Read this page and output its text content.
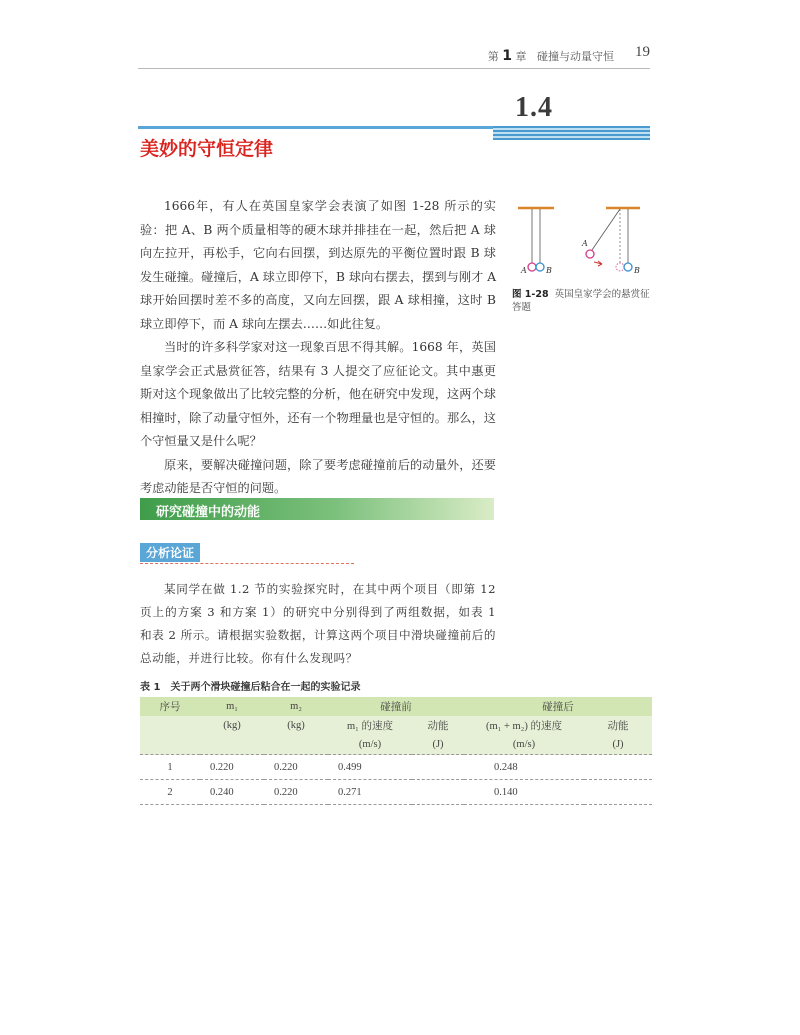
第 1 章 碰撞与动量守恒 19
1.4
美妙的守恒定律

1666年，有人在英国皇家学会表演了如图 1-28 所示的实验：把 A、B 两个质量相等的硬木球并排挂在一起，然后把 A 球向左拉开，再松手，它向右回摆，到达原先的平衡位置时跟 B 球发生碰撞。碰撞后，A 球立即停下，B 球向右摆去，摆到与刚才 A 球开始回摆时差不多的高度，又向左回摆，跟 A 球相撞，这时 B 球立即停下，而 A 球向左摆去……如此往复。

当时的许多科学家对这一现象百思不得其解。1668 年，英国皇家学会正式悬赏征答，结果有 3 人提交了应征论文。其中惠更斯对这个现象做出了比较完整的分析，他在研究中发现，这两个球相撞时，除了动量守恒外，还有一个物理量也是守恒的。那么，这个守恒量又是什么呢？

原来，要解决碰撞问题，除了要考虑碰撞前后的动量外，还要考虑动能是否守恒的问题。

A B
A
B
图 1-28 英国皇家学会的悬赏征答题
研究碰撞中的动能
分析论证

某同学在做 1.2 节的实验探究时，在其中两个项目（即第 12 页上的方案 3 和方案 1）的研究中分别得到了两组数据，如表 1 和表 2 所示。请根据实验数据，计算这两个项目中滑块碰撞前后的总动能，并进行比较。你有什么发现吗？

表 1　关于两个滑块碰撞后粘合在一起的实验记录
序号	m₁	m₂	碰撞前		碰撞后	
	(kg)	(kg)	m₁ 的速度	动能	(m₁ + m₂) 的速度	动能
			(m/s)	(J)	(m/s)	(J)
1	0.220	0.220	0.499		0.248	
2	0.240	0.220	0.271		0.140	
